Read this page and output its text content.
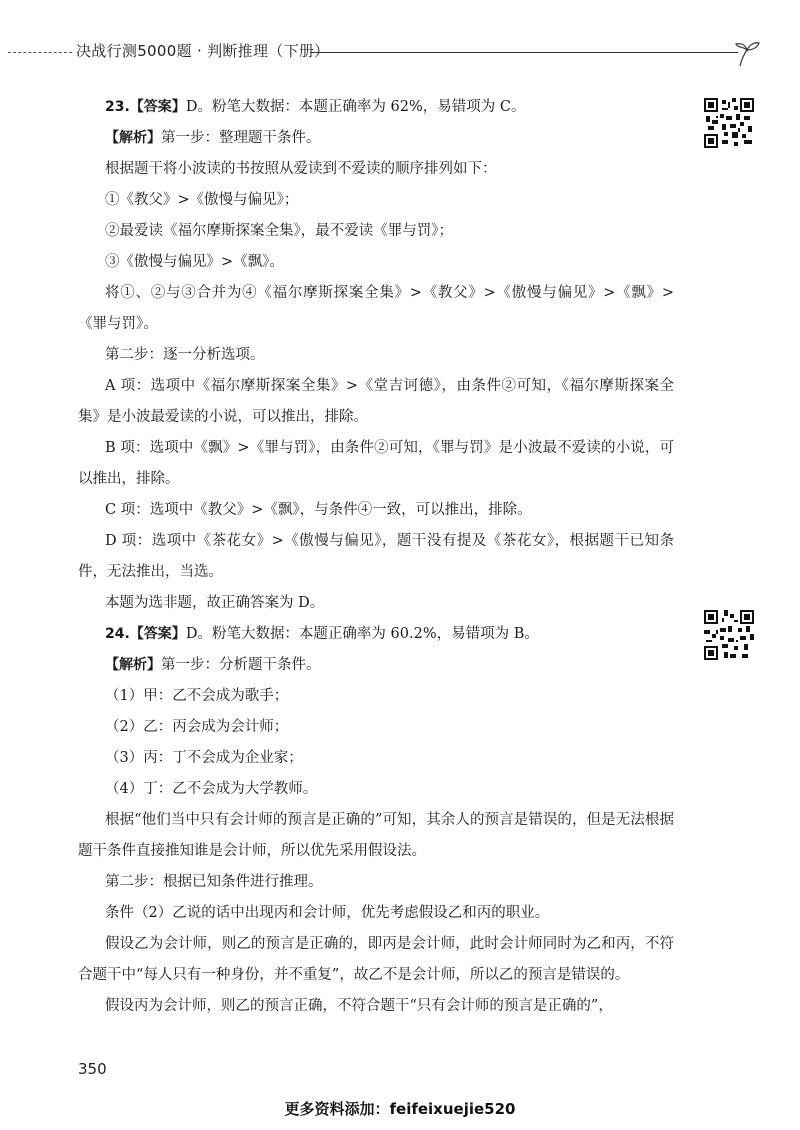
决战行测5000题 · 判断推理（下册）

23.【答案】D。粉笔大数据：本题正确率为 62%，易错项为 C。

【解析】第一步：整理题干条件。

根据题干将小波读的书按照从爱读到不爱读的顺序排列如下：

①《教父》>《傲慢与偏见》；

②最爱读《福尔摩斯探案全集》，最不爱读《罪与罚》；

③《傲慢与偏见》>《飘》。

将①、②与③合并为④《福尔摩斯探案全集》>《教父》>《傲慢与偏见》>《飘》>《罪与罚》。

第二步：逐一分析选项。

A 项：选项中《福尔摩斯探案全集》>《堂吉诃德》，由条件②可知，《福尔摩斯探案全集》是小波最爱读的小说，可以推出，排除。

B 项：选项中《飘》>《罪与罚》，由条件②可知，《罪与罚》是小波最不爱读的小说，可以推出，排除。

C 项：选项中《教父》>《飘》，与条件④一致，可以推出，排除。

D 项：选项中《茶花女》>《傲慢与偏见》，题干没有提及《茶花女》，根据题干已知条件，无法推出，当选。

本题为选非题，故正确答案为 D。

24.【答案】D。粉笔大数据：本题正确率为 60.2%，易错项为 B。

【解析】第一步：分析题干条件。

（1）甲：乙不会成为歌手；

（2）乙：丙会成为会计师；

（3）丙：丁不会成为企业家；

（4）丁：乙不会成为大学教师。

根据“他们当中只有会计师的预言是正确的”可知，其余人的预言是错误的，但是无法根据题干条件直接推知谁是会计师，所以优先采用假设法。

第二步：根据已知条件进行推理。

条件（2）乙说的话中出现丙和会计师，优先考虑假设乙和丙的职业。

假设乙为会计师，则乙的预言是正确的，即丙是会计师，此时会计师同时为乙和丙，不符合题干中“每人只有一种身份，并不重复”，故乙不是会计师，所以乙的预言是错误的。

假设丙为会计师，则乙的预言正确，不符合题干“只有会计师的预言是正确的”，

350
更多资料添加：feifeixuejie520
